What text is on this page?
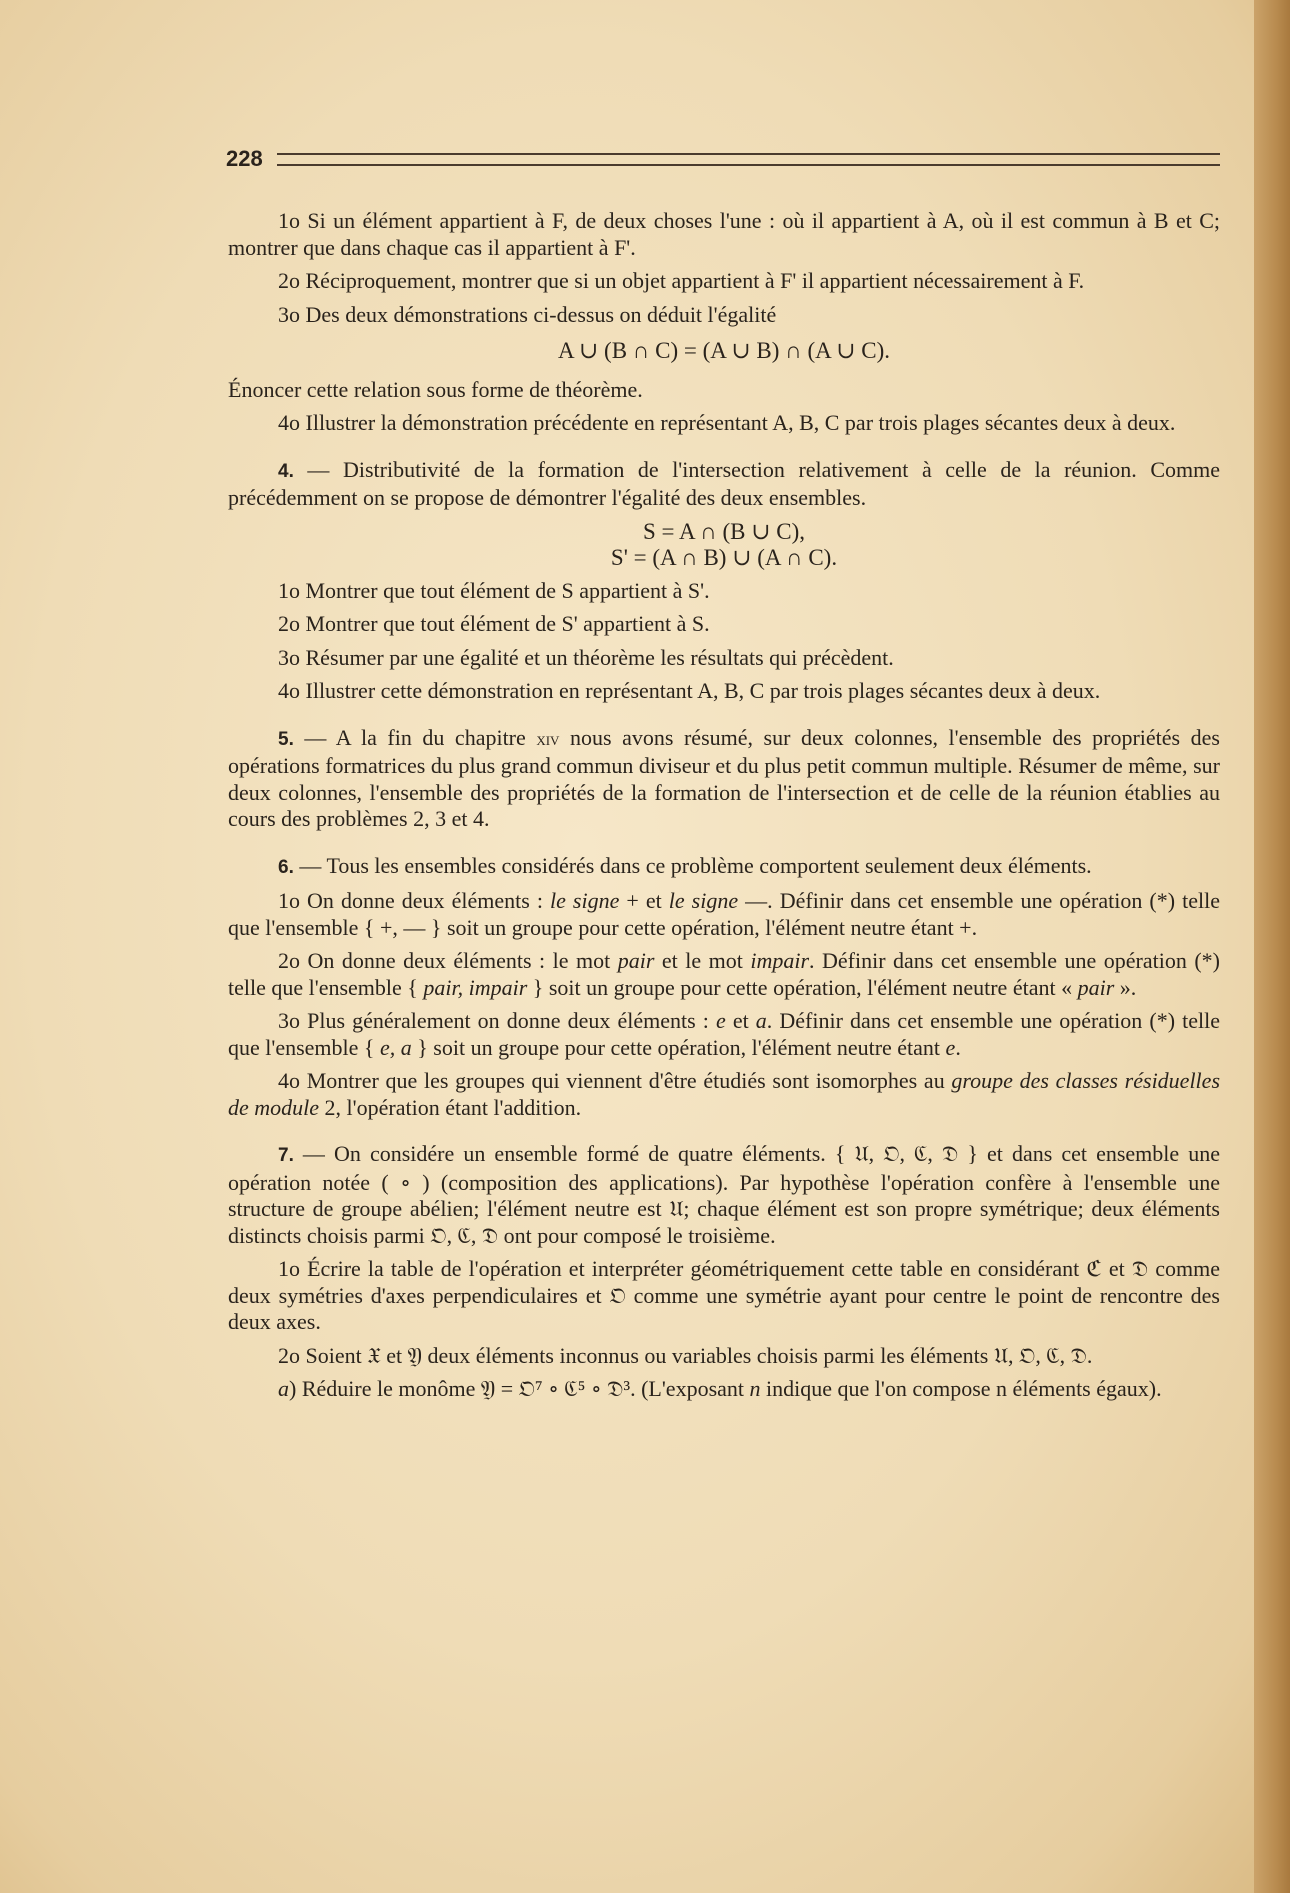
228

1o Si un élément appartient à F, de deux choses l'une : où il appartient à A, où il est commun à B et C; montrer que dans chaque cas il appartient à F'.

2o Réciproquement, montrer que si un objet appartient à F' il appartient nécessairement à F.

3o Des deux démonstrations ci-dessus on déduit l'égalité

A ∪ (B ∩ C) = (A ∪ B) ∩ (A ∪ C).

Énoncer cette relation sous forme de théorème.

4o Illustrer la démonstration précédente en représentant A, B, C par trois plages sécantes deux à deux.

4. — Distributivité de la formation de l'intersection relativement à celle de la réunion. Comme précédemment on se propose de démontrer l'égalité des deux ensembles.

S = A ∩ (B ∪ C),
S' = (A ∩ B) ∪ (A ∩ C).

1o Montrer que tout élément de S appartient à S'.

2o Montrer que tout élément de S' appartient à S.

3o Résumer par une égalité et un théorème les résultats qui précèdent.

4o Illustrer cette démonstration en représentant A, B, C par trois plages sécantes deux à deux.

5. — A la fin du chapitre xiv nous avons résumé, sur deux colonnes, l'ensemble des propriétés des opérations formatrices du plus grand commun diviseur et du plus petit commun multiple. Résumer de même, sur deux colonnes, l'ensemble des propriétés de la formation de l'intersection et de celle de la réunion établies au cours des problèmes 2, 3 et 4.

6. — Tous les ensembles considérés dans ce problème comportent seulement deux éléments.

1o On donne deux éléments : le signe + et le signe —. Définir dans cet ensemble une opération (*) telle que l'ensemble { +, — } soit un groupe pour cette opération, l'élément neutre étant +.

2o On donne deux éléments : le mot pair et le mot impair. Définir dans cet ensemble une opération (*) telle que l'ensemble { pair, impair } soit un groupe pour cette opération, l'élément neutre étant « pair ».

3o Plus généralement on donne deux éléments : e et a. Définir dans cet ensemble une opération (*) telle que l'ensemble { e, a } soit un groupe pour cette opération, l'élément neutre étant e.

4o Montrer que les groupes qui viennent d'être étudiés sont isomorphes au groupe des classes résiduelles de module 2, l'opération étant l'addition.

7. — On considére un ensemble formé de quatre éléments. { 𝔘, 𝔒, ℭ, 𝔇 } et dans cet ensemble une opération notée ( ∘ ) (composition des applications). Par hypothèse l'opération confère à l'ensemble une structure de groupe abélien; l'élément neutre est 𝔘; chaque élément est son propre symétrique; deux éléments distincts choisis parmi 𝔒, ℭ, 𝔇 ont pour composé le troisième.

1o Écrire la table de l'opération et interpréter géométriquement cette table en considérant ℭ et 𝔇 comme deux symétries d'axes perpendiculaires et 𝔒 comme une symétrie ayant pour centre le point de rencontre des deux axes.

2o Soient 𝔛 et 𝔜 deux éléments inconnus ou variables choisis parmi les éléments 𝔘, 𝔒, ℭ, 𝔇.

a) Réduire le monôme 𝔜 = 𝔒⁷ ∘ ℭ⁵ ∘ 𝔇³. (L'exposant n indique que l'on compose n éléments égaux).
